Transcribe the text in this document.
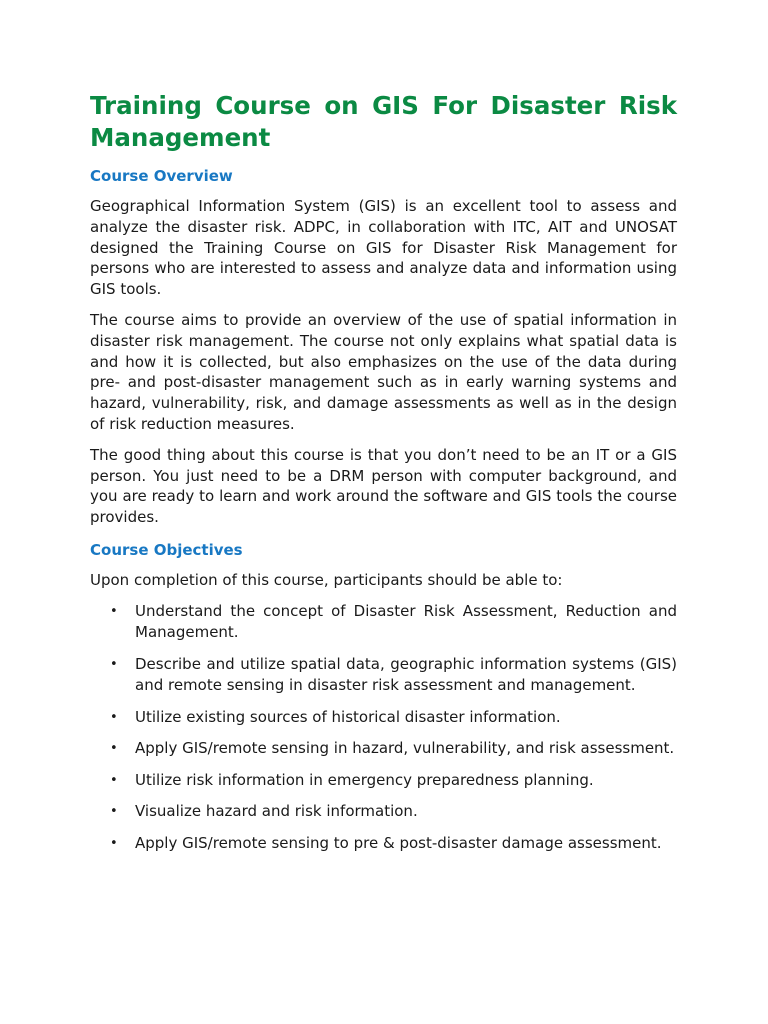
Training Course on GIS For Disaster Risk Management
Course Overview

Geographical Information System (GIS) is an excellent tool to assess and analyze the disaster risk. ADPC, in collaboration with ITC, AIT and UNOSAT designed the Training Course on GIS for Disaster Risk Management for persons who are interested to assess and analyze data and information using GIS tools.

The course aims to provide an overview of the use of spatial information in disaster risk management. The course not only explains what spatial data is and how it is collected, but also emphasizes on the use of the data during pre- and post-disaster management such as in early warning systems and hazard, vulnerability, risk, and damage assessments as well as in the design of risk reduction measures.

The good thing about this course is that you don’t need to be an IT or a GIS person. You just need to be a DRM person with computer background, and you are ready to learn and work around the software and GIS tools the course provides.

Course Objectives

Upon completion of this course, participants should be able to:

• Understand the concept of Disaster Risk Assessment, Reduction and Management.
• Describe and utilize spatial data, geographic information systems (GIS) and remote sensing in disaster risk assessment and management.
• Utilize existing sources of historical disaster information.
• Apply GIS/remote sensing in hazard, vulnerability, and risk assessment.
• Utilize risk information in emergency preparedness planning.
• Visualize hazard and risk information.
• Apply GIS/remote sensing to pre & post-disaster damage assessment.
